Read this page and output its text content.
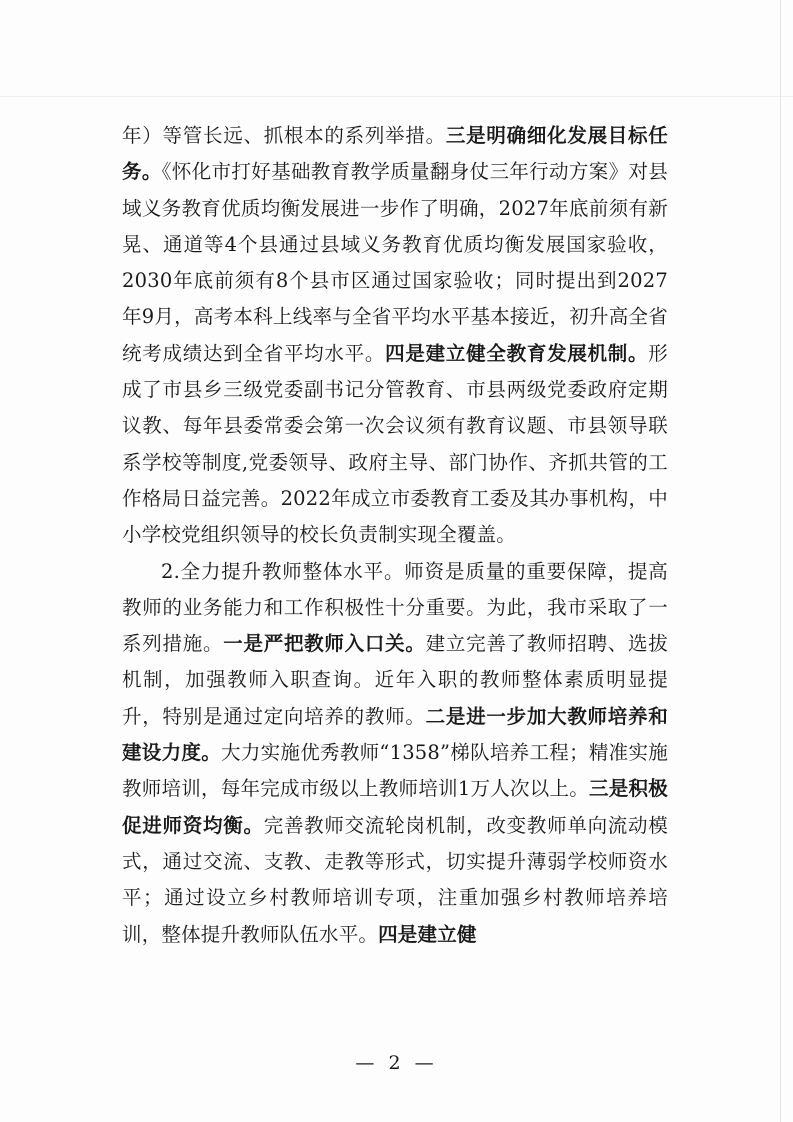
年）等管长远、抓根本的系列举措。三是明确细化发展目标任务。《怀化市打好基础教育教学质量翻身仗三年行动方案》对县域义务教育优质均衡发展进一步作了明确，2027年底前须有新晃、通道等4个县通过县域义务教育优质均衡发展国家验收，2030年底前须有8个县市区通过国家验收；同时提出到2027年9月，高考本科上线率与全省平均水平基本接近，初升高全省统考成绩达到全省平均水平。四是建立健全教育发展机制。形成了市县乡三级党委副书记分管教育、市县两级党委政府定期议教、每年县委常委会第一次会议须有教育议题、市县领导联系学校等制度,党委领导、政府主导、部门协作、齐抓共管的工作格局日益完善。2022年成立市委教育工委及其办事机构，中小学校党组织领导的校长负责制实现全覆盖。

2.全力提升教师整体水平。师资是质量的重要保障，提高教师的业务能力和工作积极性十分重要。为此，我市采取了一系列措施。一是严把教师入口关。建立完善了教师招聘、选拔机制，加强教师入职查询。近年入职的教师整体素质明显提升，特别是通过定向培养的教师。二是进一步加大教师培养和建设力度。大力实施优秀教师“1358”梯队培养工程；精准实施教师培训，每年完成市级以上教师培训1万人次以上。三是积极促进师资均衡。完善教师交流轮岗机制，改变教师单向流动模式，通过交流、支教、走教等形式，切实提升薄弱学校师资水平；通过设立乡村教师培训专项，注重加强乡村教师培养培训，整体提升教师队伍水平。四是建立健

— 2 —
